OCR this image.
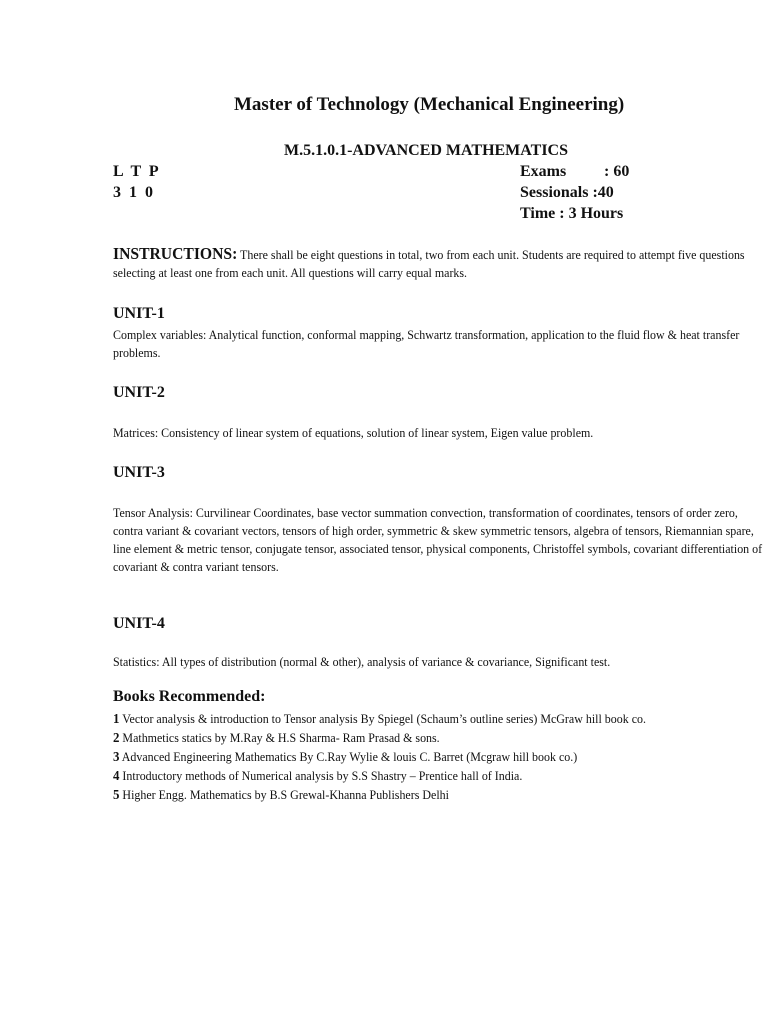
Master of Technology (Mechanical Engineering)
M.5.1.0.1-ADVANCED MATHEMATICS
L T P
3 1 0
Exams : 60
Sessionals :40
Time : 3 Hours
INSTRUCTIONS: There shall be eight questions in total, two from each unit. Students are required to attempt five questions selecting at least one from each unit. All questions will carry equal marks.
UNIT-1
Complex variables: Analytical function, conformal mapping, Schwartz transformation, application to the fluid flow & heat transfer problems.
UNIT-2
Matrices: Consistency of linear system of equations, solution of linear system, Eigen value problem.
UNIT-3
Tensor Analysis: Curvilinear Coordinates, base vector summation convection, transformation of coordinates, tensors of order zero, contra variant & covariant vectors, tensors of high order, symmetric & skew symmetric tensors, algebra of tensors, Riemannian spare, line element & metric tensor, conjugate tensor, associated tensor, physical components, Christoffel symbols, covariant differentiation of covariant & contra variant tensors.
UNIT-4
Statistics: All types of distribution (normal & other), analysis of variance & covariance, Significant test.
Books Recommended:
1 Vector analysis & introduction to Tensor analysis By Spiegel (Schaum’s outline series) McGraw hill book co.
2 Mathmetics statics by M.Ray & H.S Sharma- Ram Prasad & sons.
3 Advanced Engineering Mathematics By C.Ray Wylie & louis C. Barret (Mcgraw hill book co.)
4 Introductory methods of Numerical analysis by S.S Shastry – Prentice hall of India.
5 Higher Engg. Mathematics by B.S Grewal-Khanna Publishers Delhi
